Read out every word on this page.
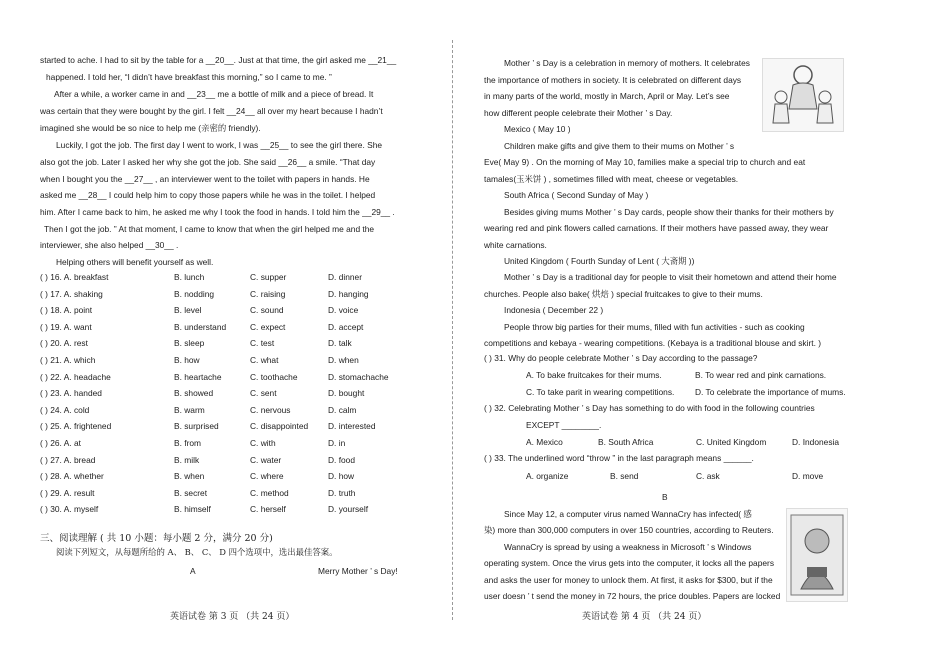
started to ache. I had to sit by the table for a __20__. Just at that time, the girl asked me __21__
happened. I told her, “I didn’t have breakfast this morning,” so I came to me. ”
After a while, a worker came in and __23__ me a bottle of milk and a piece of bread. It
was certain that they were bought by the girl. I felt __24__ all over my heart because I hadn’t
imagined she would be so nice to help me (亲密的 friendly).
Luckily, I got the job. The first day I went to work, I was __25__ to see the girl there. She
also got the job. Later I asked her why she got the job. She said __26__ a smile. “That day
when I bought you the __27__ , an interviewer went to the toilet with papers in hands. He
asked me __28__ I could help him to copy those papers while he was in the toilet. I helped
him. After I came back to him, he asked me why I took the food in hands. I told him the __29__ .
Then I got the job. ” At that moment, I came to know that when the girl helped me and the
interviewer, she also helped __30__ .
Helping others will benefit yourself as well.
( ) 16. A. breakfast	B. lunch	C. supper	D. dinner
( ) 17. A. shaking	B. nodding	C. raising	D. hanging
( ) 18. A. point	B. level	C. sound	D. voice
( ) 19. A. want	B. understand	C. expect	D. accept
( ) 20. A. rest	B. sleep	C. test	D. talk
( ) 21. A. which	B. how	C. what	D. when
( ) 22. A. headache	B. heartache	C. toothache	D. stomachache
( ) 23. A. handed	B. showed	C. sent	D. bought
( ) 24. A. cold	B. warm	C. nervous	D. calm
( ) 25. A. frightened	B. surprised	C. disappointed D. interested
( ) 26. A. at	B. from	C. with	D. in
( ) 27. A. bread	B. milk	C. water	D. food
( ) 28. A. whether	B. when	C. where	D. how
( ) 29. A. result	B. secret	C. method	D. truth
( ) 30. A. myself	B. himself	C. herself	D. yourself
三、阅读理解 ( 共 10 小题：每小题 2 分，满分 20 分)
阅读下列短文，从每题所给的 A、 B、 C、 D 四个选项中，选出最佳答案。
A	Merry Mother ’ s Day!
英语试卷 第 3 页 （共 24 页）
Mother ’ s Day is a celebration in memory of mothers. It celebrates
the importance of mothers in society. It is celebrated on different days
in many parts of the world, mostly in March, April or May. Let’s see
how different people celebrate their Mother ’ s Day.
Mexico ( May 10 )
Children make gifts and give them to their mums on Mother ’ s
Eve( May 9) . On the morning of May 10, families make a special trip to church and eat
tamales(玉米饼 ) , sometimes filled with meat, cheese or vegetables.
South Africa ( Second Sunday of May )
Besides giving mums Mother ’ s Day cards, people show their thanks for their mothers by
wearing red and pink flowers called carnations. If their mothers have passed away, they wear
white carnations.
United Kingdom ( Fourth Sunday of Lent ( 大斋期 ))
Mother ’ s Day is a traditional day for people to visit their hometown and attend their home
churches. People also bake( 烘焙 ) special fruitcakes to give to their mums.
Indonesia ( December 22 )
People throw big parties for their mums, filled with fun activities - such as cooking
competitions and kebaya - wearing competitions. (Kebaya is a traditional blouse and skirt. )
( ) 31. Why do people celebrate Mother ’ s Day according to the passage?
A. To bake fruitcakes for their mums.	B. To wear red and pink carnations.
C. To take parit in wearing competitions. D. To celebrate the importance of mums.
( ) 32. Celebrating Mother ’ s Day has something to do with food in the following countries
EXCEPT ________.
A. Mexico	B. South Africa	C. United Kingdom	D. Indonesia
( ) 33. The underlined word “throw ” in the last paragraph means ______.
A. organize	B. send	C. ask	D. move
B
Since May 12, a computer virus named WannaCry has infected( 感
染) more than 300,000 computers in over 150 countries, according to Reuters.
WannaCry is spread by using a weakness in Microsoft ’ s Windows
operating system. Once the virus gets into the computer, it locks all the papers
and asks the user for money to unlock them. At first, it asks for $300, but if the
user doesn ’ t send the money in 72 hours, the price doubles. Papers are locked
英语试卷 第 4 页 （共 24 页）
